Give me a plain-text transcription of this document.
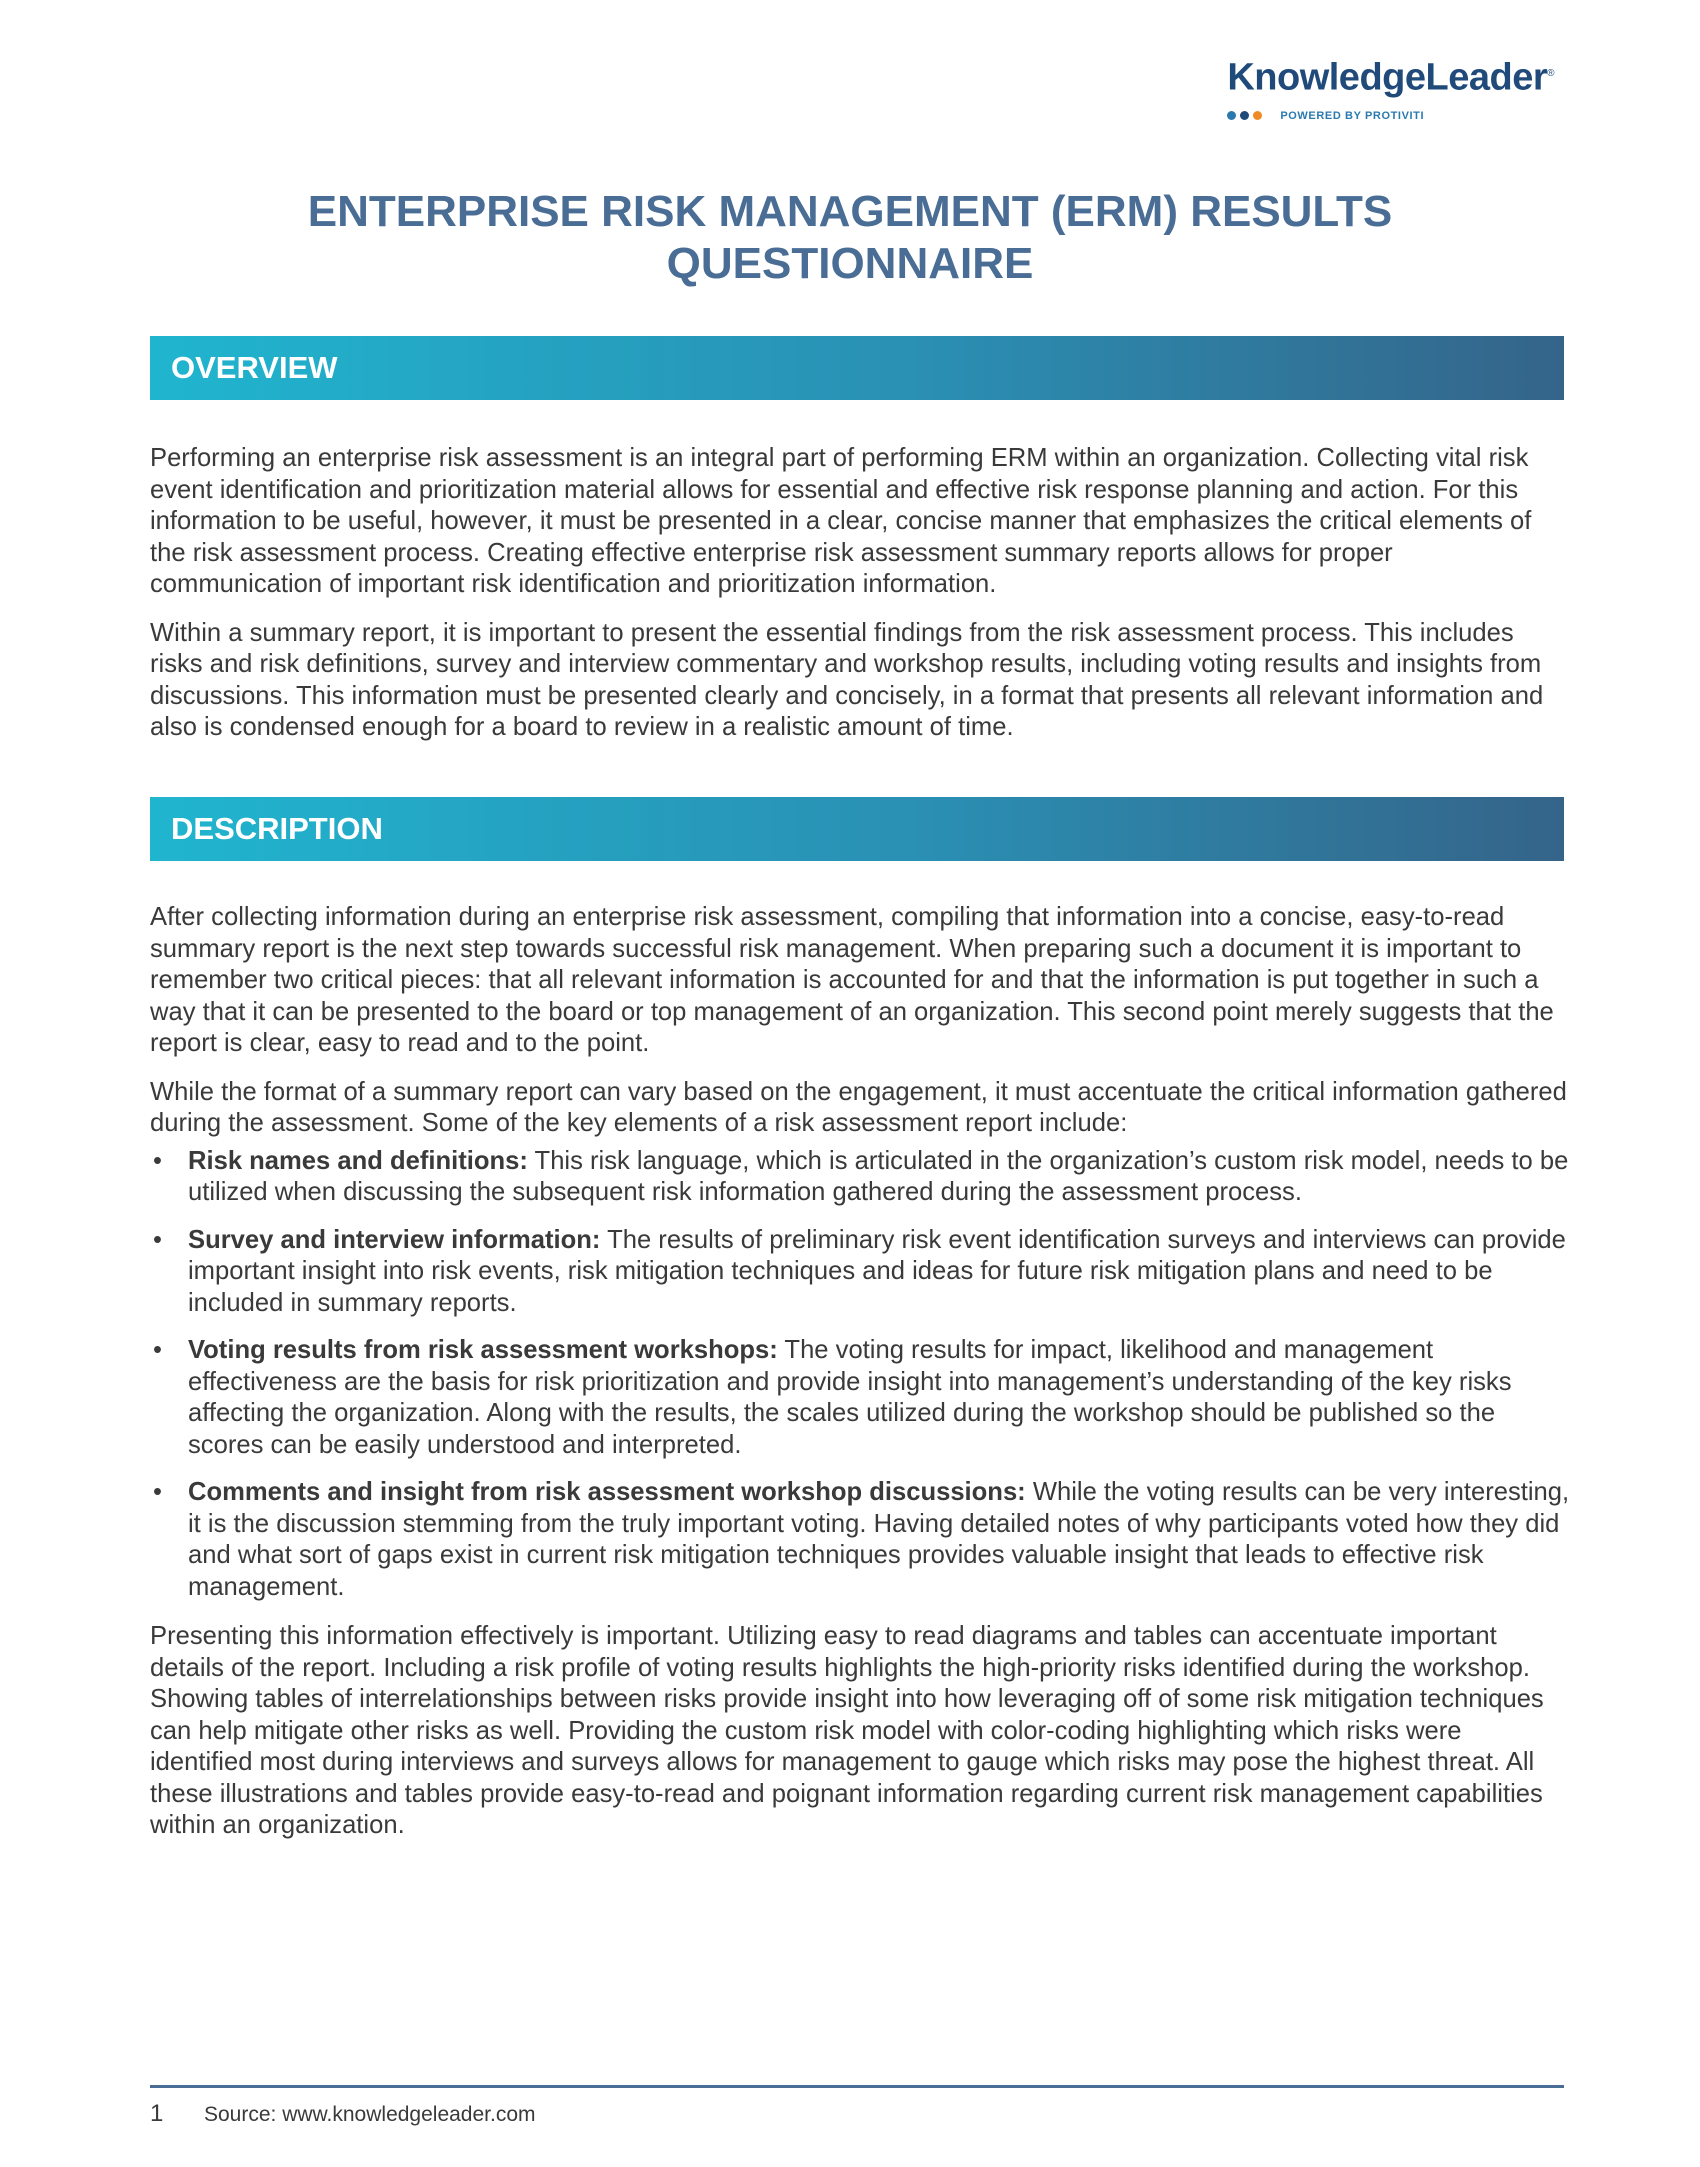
KnowledgeLeader®
POWERED BY PROTIVITI
ENTERPRISE RISK MANAGEMENT (ERM) RESULTS QUESTIONNAIRE
OVERVIEW

Performing an enterprise risk assessment is an integral part of performing ERM within an organization. Collecting vital risk event identification and prioritization material allows for essential and effective risk response planning and action. For this information to be useful, however, it must be presented in a clear, concise manner that emphasizes the critical elements of the risk assessment process. Creating effective enterprise risk assessment summary reports allows for proper communication of important risk identification and prioritization information.

Within a summary report, it is important to present the essential findings from the risk assessment process. This includes risks and risk definitions, survey and interview commentary and workshop results, including voting results and insights from discussions. This information must be presented clearly and concisely, in a format that presents all relevant information and also is condensed enough for a board to review in a realistic amount of time.

DESCRIPTION

After collecting information during an enterprise risk assessment, compiling that information into a concise, easy-to-read summary report is the next step towards successful risk management. When preparing such a document it is important to remember two critical pieces: that all relevant information is accounted for and that the information is put together in such a way that it can be presented to the board or top management of an organization. This second point merely suggests that the report is clear, easy to read and to the point.

While the format of a summary report can vary based on the engagement, it must accentuate the critical information gathered during the assessment. Some of the key elements of a risk assessment report include:

• Risk names and definitions: This risk language, which is articulated in the organization’s custom risk model, needs to be utilized when discussing the subsequent risk information gathered during the assessment process.
• Survey and interview information: The results of preliminary risk event identification surveys and interviews can provide important insight into risk events, risk mitigation techniques and ideas for future risk mitigation plans and need to be included in summary reports.
• Voting results from risk assessment workshops: The voting results for impact, likelihood and management effectiveness are the basis for risk prioritization and provide insight into management’s understanding of the key risks affecting the organization. Along with the results, the scales utilized during the workshop should be published so the scores can be easily understood and interpreted.
• Comments and insight from risk assessment workshop discussions: While the voting results can be very interesting, it is the discussion stemming from the truly important voting. Having detailed notes of why participants voted how they did and what sort of gaps exist in current risk mitigation techniques provides valuable insight that leads to effective risk management.

Presenting this information effectively is important. Utilizing easy to read diagrams and tables can accentuate important details of the report. Including a risk profile of voting results highlights the high-priority risks identified during the workshop. Showing tables of interrelationships between risks provide insight into how leveraging off of some risk mitigation techniques can help mitigate other risks as well. Providing the custom risk model with color-coding highlighting which risks were identified most during interviews and surveys allows for management to gauge which risks may pose the highest threat. All these illustrations and tables provide easy-to-read and poignant information regarding current risk management capabilities within an organization.

1	Source: www.knowledgeleader.com
